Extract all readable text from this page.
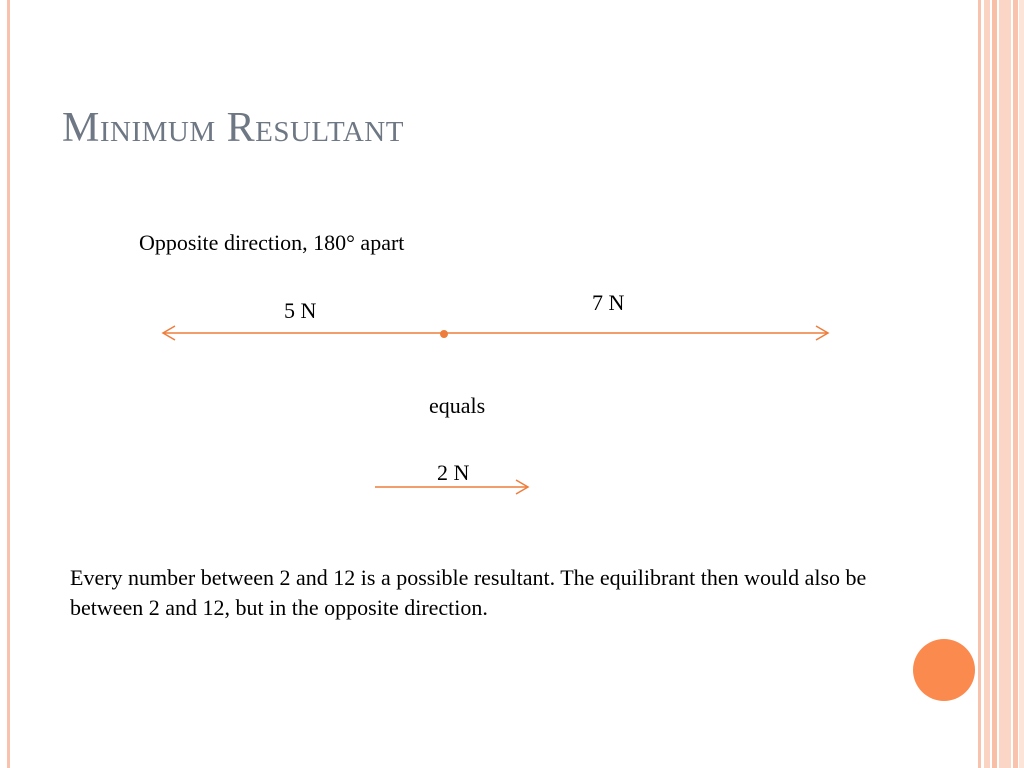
Minimum Resultant
Opposite direction, 180° apart
5 N	7 N
equals
2 N
Every number between 2 and 12 is a possible resultant. The equilibrant then would also be between 2 and 12, but in the opposite direction.
